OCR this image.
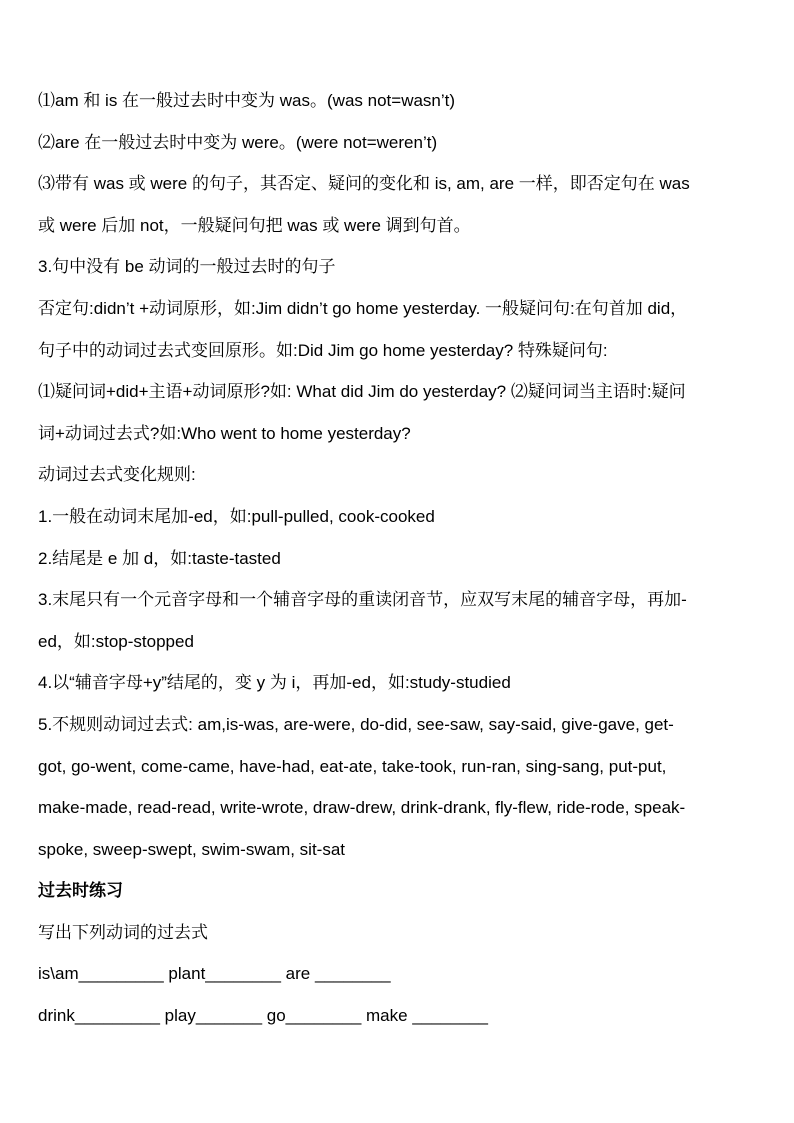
⑴am 和 is 在一般过去时中变为 was。(was not=wasn’t)
⑵are 在一般过去时中变为 were。(were not=weren’t)
⑶带有 was 或 were 的句子，其否定、疑问的变化和 is, am, are 一样，即否定句在 was
或 were 后加 not，一般疑问句把 was 或 were 调到句首。
3.句中没有 be 动词的一般过去时的句子
否定句:didn’t +动词原形，如:Jim didn’t go home yesterday. 一般疑问句:在句首加 did，
句子中的动词过去式变回原形。如:Did Jim go home yesterday? 特殊疑问句:
⑴疑问词+did+主语+动词原形?如: What did Jim do yesterday? ⑵疑问词当主语时:疑问
词+动词过去式?如:Who went to home yesterday?
动词过去式变化规则:
1.一般在动词末尾加-ed，如:pull-pulled, cook-cooked
2.结尾是 e 加 d，如:taste-tasted
3.末尾只有一个元音字母和一个辅音字母的重读闭音节，应双写末尾的辅音字母，再加-
ed，如:stop-stopped
4.以“辅音字母+y”结尾的，变 y 为 i，再加-ed，如:study-studied
5.不规则动词过去式: am,is-was, are-were, do-did, see-saw, say-said, give-gave, get-
got, go-went, come-came, have-had, eat-ate, take-took, run-ran, sing-sang, put-put,
make-made, read-read, write-wrote, draw-drew, drink-drank, fly-flew, ride-rode, speak-
spoke, sweep-swept, swim-swam, sit-sat
过去时练习
写出下列动词的过去式
is\am_________ plant________ are ________
drink_________ play_______ go________ make ________
